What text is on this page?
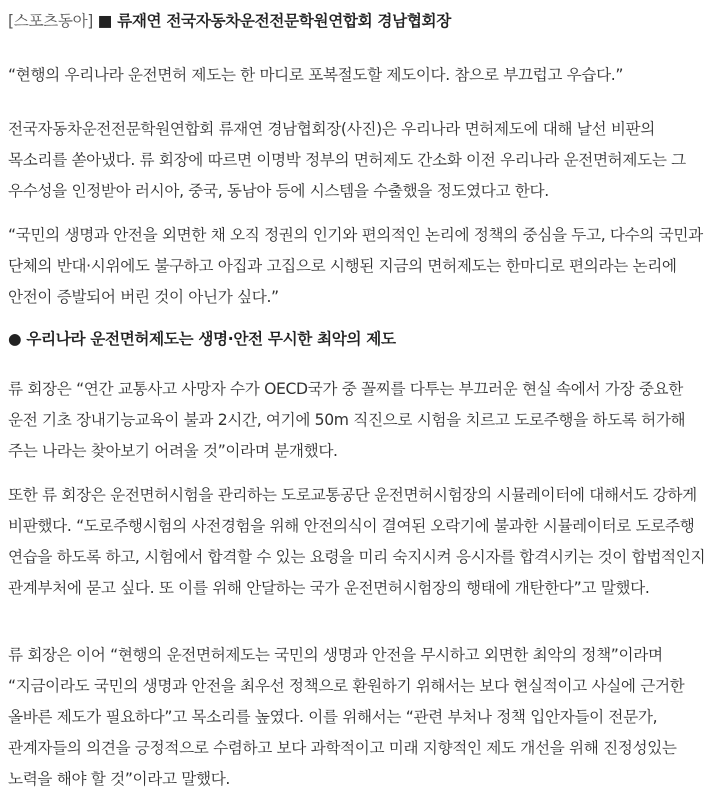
[스포츠동아] ■ 류재연 전국자동차운전전문학원연합회 경남협회장

“현행의 우리나라 운전면허 제도는 한 마디로 포복절도할 제도이다. 참으로 부끄럽고 우습다.”

전국자동차운전전문학원연합회 류재연 경남협회장(사진)은 우리나라 면허제도에 대해 날선 비판의 목소리를 쏟아냈다. 류 회장에 따르면 이명박 정부의 면허제도 간소화 이전 우리나라 운전면허제도는 그 우수성을 인정받아 러시아, 중국, 동남아 등에 시스템을 수출했을 정도였다고 한다.

“국민의 생명과 안전을 외면한 채 오직 정권의 인기와 편의적인 논리에 정책의 중심을 두고, 다수의 국민과 단체의 반대·시위에도 불구하고 아집과 고집으로 시행된 지금의 면허제도는 한마디로 편의라는 논리에 안전이 증발되어 버린 것이 아닌가 싶다.”

● 우리나라 운전면허제도는 생명·안전 무시한 최악의 제도

류 회장은 “연간 교통사고 사망자 수가 OECD국가 중 꼴찌를 다투는 부끄러운 현실 속에서 가장 중요한 운전 기초 장내기능교육이 불과 2시간, 여기에 50m 직진으로 시험을 치르고 도로주행을 하도록 허가해 주는 나라는 찾아보기 어려울 것”이라며 분개했다.

또한 류 회장은 운전면허시험을 관리하는 도로교통공단 운전면허시험장의 시뮬레이터에 대해서도 강하게 비판했다. “도로주행시험의 사전경험을 위해 안전의식이 결여된 오락기에 불과한 시뮬레이터로 도로주행 연습을 하도록 하고, 시험에서 합격할 수 있는 요령을 미리 숙지시켜 응시자를 합격시키는 것이 합법적인지 관계부처에 묻고 싶다. 또 이를 위해 안달하는 국가 운전면허시험장의 행태에 개탄한다”고 말했다.

류 회장은 이어 “현행의 운전면허제도는 국민의 생명과 안전을 무시하고 외면한 최악의 정책”이라며 “지금이라도 국민의 생명과 안전을 최우선 정책으로 환원하기 위해서는 보다 현실적이고 사실에 근거한 올바른 제도가 필요하다”고 목소리를 높였다. 이를 위해서는 “관련 부처나 정책 입안자들이 전문가, 관계자들의 의견을 긍정적으로 수렴하고 보다 과학적이고 미래 지향적인 제도 개선을 위해 진정성있는 노력을 해야 할 것”이라고 말했다.
